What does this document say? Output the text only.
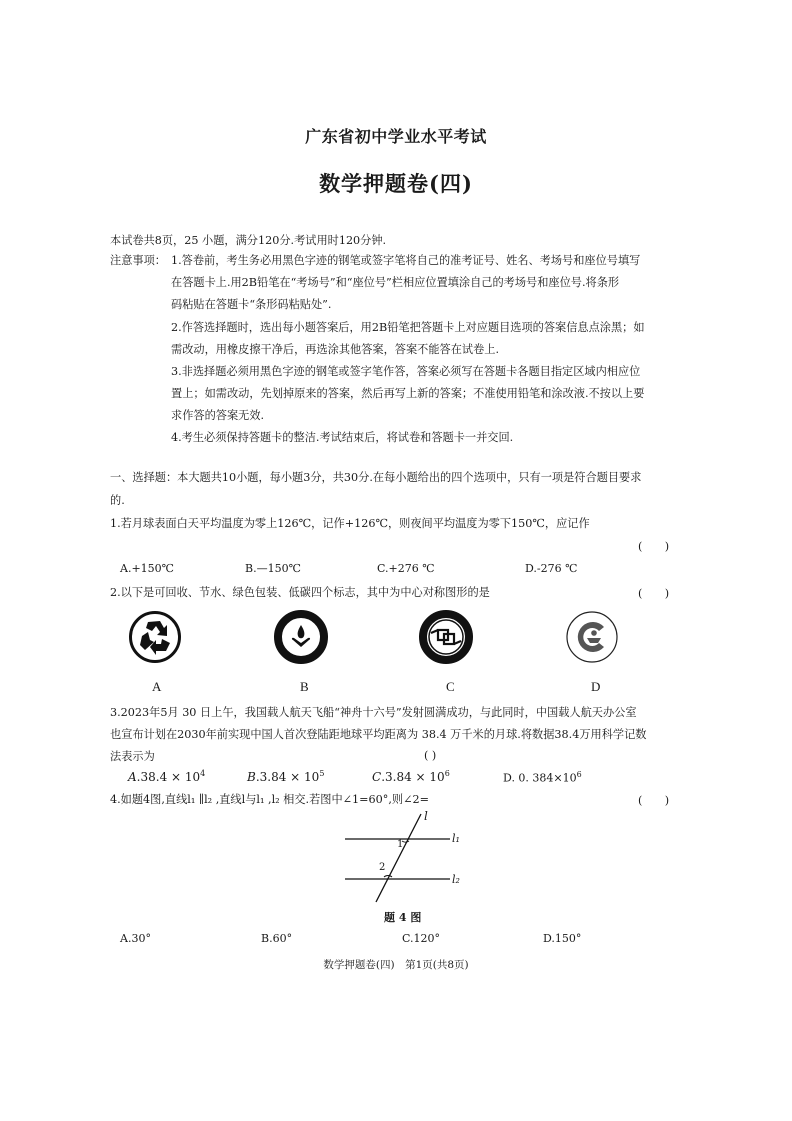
广东省初中学业水平考试
数学押题卷(四)
本试卷共8页，25 小题，满分120分.考试用时120分钟.
注意事项： 1.答卷前，考生务必用黑色字迹的钢笔或签字笔将自己的准考证号、姓名、考场号和座位号填写
在答题卡上.用2B铅笔在“考场号”和“座位号”栏相应位置填涂自己的考场号和座位号.将条形
码粘贴在答题卡“条形码粘贴处”.
2.作答选择题时，选出每小题答案后，用2B铅笔把答题卡上对应题目选项的答案信息点涂黑；如
需改动，用橡皮擦干净后，再选涂其他答案，答案不能答在试卷上.
3.非选择题必须用黑色字迹的钢笔或签字笔作答，答案必须写在答题卡各题目指定区域内相应位
置上；如需改动，先划掉原来的答案，然后再写上新的答案；不准使用铅笔和涂改液.不按以上要
求作答的答案无效.
4.考生必须保持答题卡的整洁.考试结束后，将试卷和答题卡一并交回.
一、选择题：本大题共10小题，每小题3分，共30分.在每小题给出的四个选项中，只有一项是符合题目要求
的.
1.若月球表面白天平均温度为零上126℃，记作+126℃，则夜间平均温度为零下150℃，应记作
(　　)
A.+150℃	B.—150℃	C.+276 ℃	D.-276 ℃
2.以下是可回收、节水、绿色包装、低碳四个标志，其中为中心对称图形的是	(　　)
A	B	C	D
3.2023年5月 30 日上午，我国载人航天飞船“神舟十六号”发射圆满成功，与此同时，中国载人航天办公室
也宣布计划在2030年前实现中国人首次登陆距地球平均距离为 38.4 万千米的月球.将数据38.4万用科学记数
法表示为	( )
$A.38.4 \times 10^4$	$B.3.84 \times 10^5$	$C.3.84 \times 10^6$	D. 0. $384\times 10^6$
4.如题4图,直线l₁ ∥l₂ ,直线l与l₁ ,l₂ 相交.若图中∠1=60°,则∠2=	(　　)
l
l₁
l₂
1
2
题 4 图
A.30°	B.60°	C.120°	D.150°
数学押题卷(四)　第1页(共8页)
